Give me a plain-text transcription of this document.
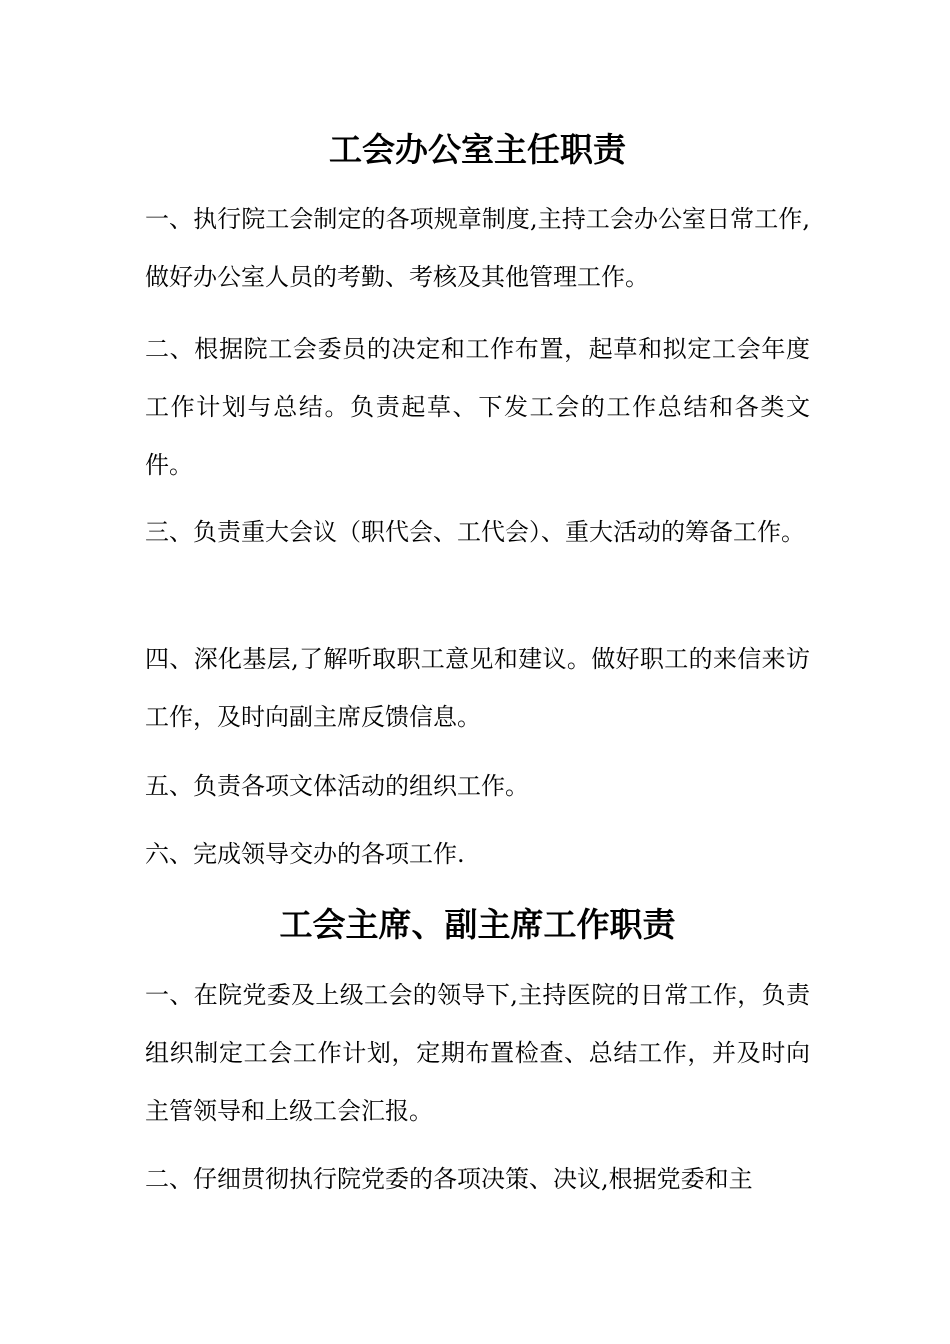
工会办公室主任职责

一、执行院工会制定的各项规章制度,主持工会办公室日常工作,做好办公室人员的考勤、考核及其他管理工作。

二、根据院工会委员的决定和工作布置，起草和拟定工会年度工作计划与总结。负责起草、下发工会的工作总结和各类文件。

三、负责重大会议（职代会、工代会）、重大活动的筹备工作。

四、深化基层,了解听取职工意见和建议。做好职工的来信来访工作，及时向副主席反馈信息。

五、负责各项文体活动的组织工作。

六、完成领导交办的各项工作.

工会主席、副主席工作职责

一、在院党委及上级工会的领导下,主持医院的日常工作，负责组织制定工会工作计划，定期布置检查、总结工作，并及时向主管领导和上级工会汇报。

二、仔细贯彻执行院党委的各项决策、决议,根据党委和主
